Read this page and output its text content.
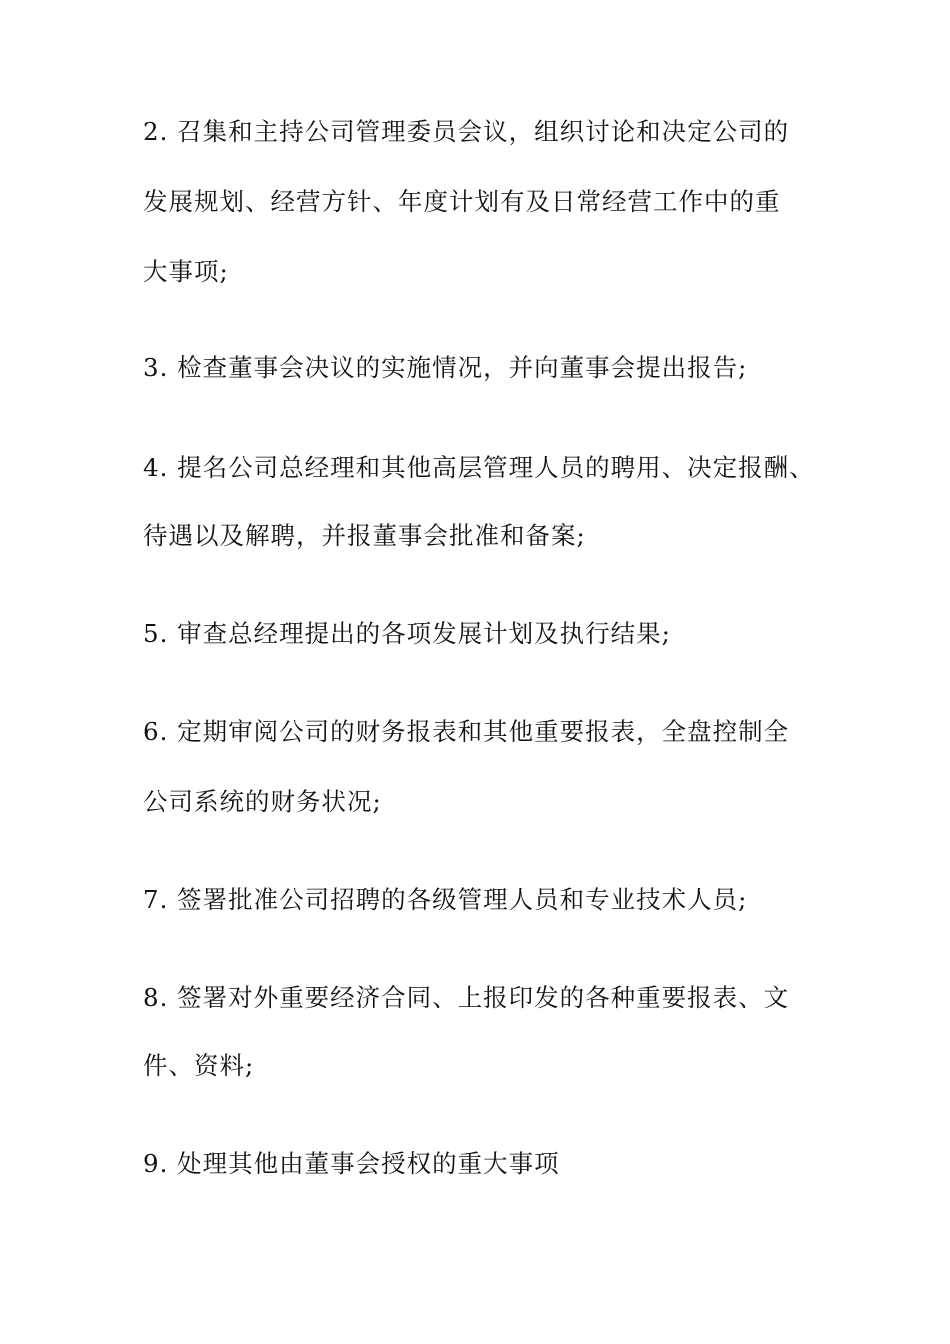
2. 召集和主持公司管理委员会议，组织讨论和决定公司的
发展规划、经营方针、年度计划有及日常经营工作中的重
大事项;
3. 检查董事会决议的实施情况，并向董事会提出报告;
4. 提名公司总经理和其他高层管理人员的聘用、决定报酬、
待遇以及解聘，并报董事会批准和备案;
5. 审查总经理提出的各项发展计划及执行结果;
6. 定期审阅公司的财务报表和其他重要报表，全盘控制全
公司系统的财务状况;
7. 签署批准公司招聘的各级管理人员和专业技术人员;
8. 签署对外重要经济合同、上报印发的各种重要报表、文
件、资料;
9. 处理其他由董事会授权的重大事项
